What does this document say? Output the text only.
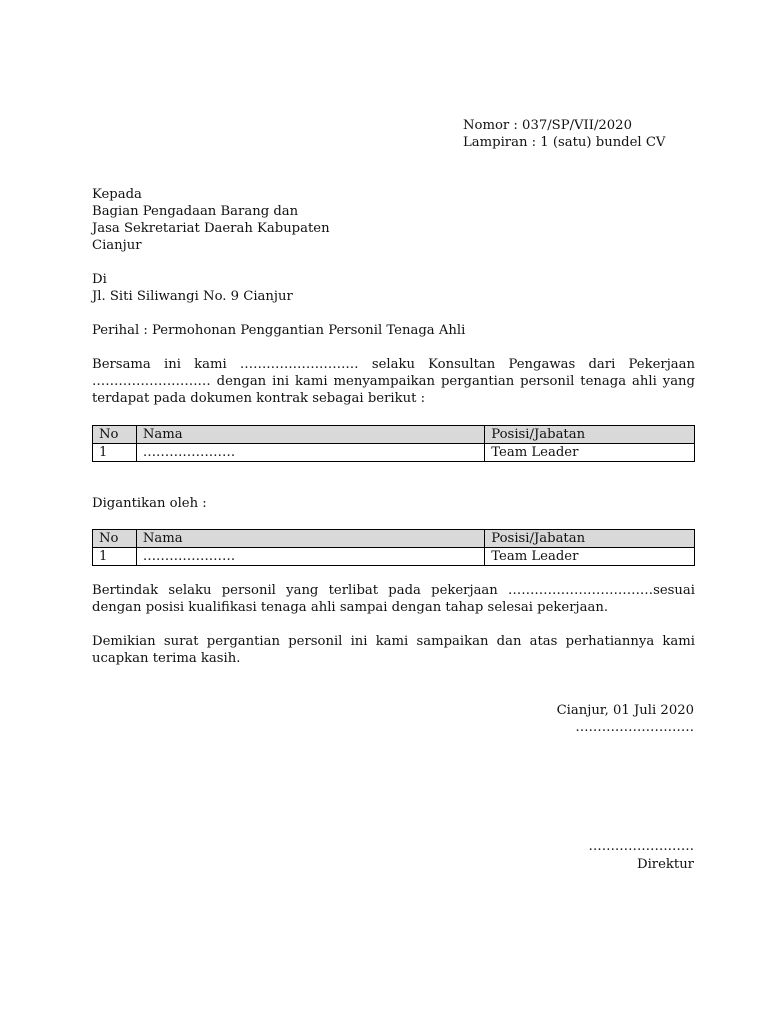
Nomor : 037/SP/VII/2020
Lampiran : 1 (satu) bundel CV
Kepada
Bagian Pengadaan Barang dan
Jasa Sekretariat Daerah Kabupaten
Cianjur
Di
Jl. Siti Siliwangi No. 9 Cianjur
Perihal : Permohonan Penggantian Personil Tenaga Ahli
Bersama ini kami ……………………… selaku Konsultan Pengawas dari Pekerjaan ……………………… dengan ini kami menyampaikan pergantian personil tenaga ahli yang terdapat pada dokumen kontrak sebagai berikut :
No	Nama	Posisi/Jabatan
1	…………………	Team Leader
Digantikan oleh :
No	Nama	Posisi/Jabatan
1	…………………	Team Leader
Bertindak selaku personil yang terlibat pada pekerjaan ……………………………sesuai dengan posisi kualifikasi tenaga ahli sampai dengan tahap selesai pekerjaan.
Demikian surat pergantian personil ini kami sampaikan dan atas perhatiannya kami ucapkan terima kasih.
Cianjur, 01 Juli 2020
………………………
……………………
Direktur
